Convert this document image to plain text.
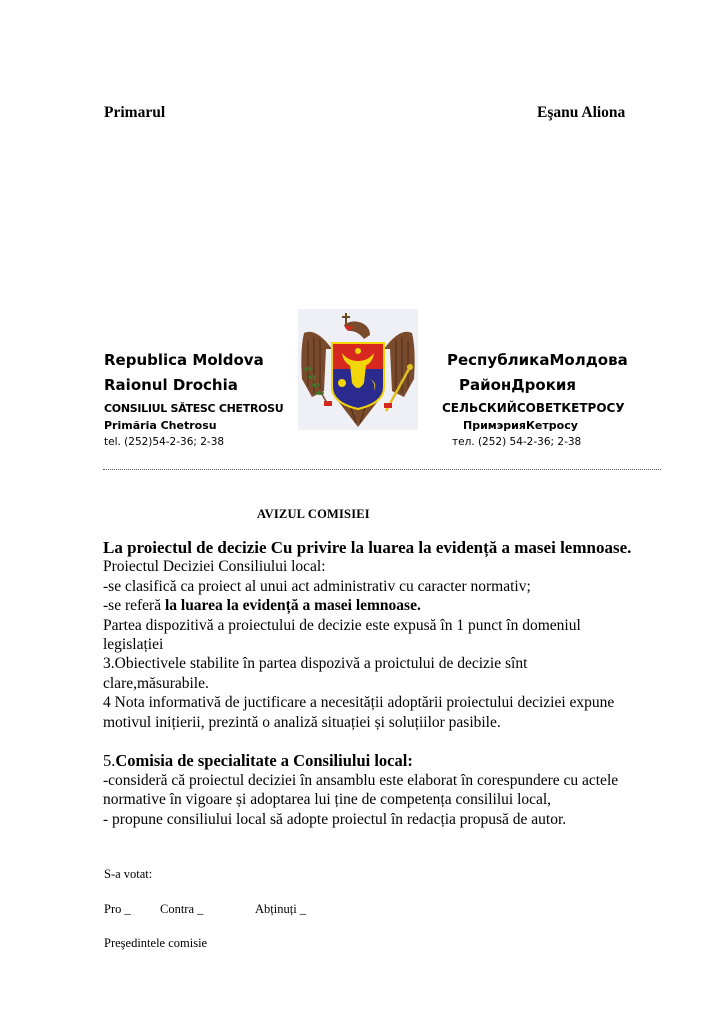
Primarul	Eşanu Aliona
Republica Moldova
Raionul Drochia
CONSILIUL SĂTESC CHETROSU
Primăria Chetrosu
tel. (252)54-2-36; 2-38
РеспубликаМолдова
РайонДрокия
СЕЛЬСКИЙСОВЕТКЕТРОСУ
ПримэрияКетросу
тел. (252) 54-2-36; 2-38
AVIZUL COMISIEI

La proiectul de decizie Cu privire la luarea la evidență a masei lemnoase.

Proiectul Deciziei Consiliului local:

-se clasifică ca proiect al unui act administrativ cu caracter normativ;

-se referă la luarea la evidență a masei lemnoase.

Partea dispozitivă a proiectului de decizie este expusă în 1 punct în domeniul

legislației

3.Obiectivele stabilite în partea dispozivă a proictului de decizie sînt

clare,măsurabile.

4 Nota informativă de juctificare a necesității adoptării proiectului deciziei expune

motivul inițierii, prezintă o analiză situației și soluțiilor pasibile.

5.Comisia de specialitate a Consiliului local:

-consideră că proiectul deciziei în ansamblu este elaborat în corespundere cu actele

normative în vigoare și adoptarea lui ține de competența consililui local,

- propune consiliului local să adopte proiectul în redacția propusă de autor.

S-a votat:
Pro _ Contra _	Abținuți _
Preşedintele comisie
